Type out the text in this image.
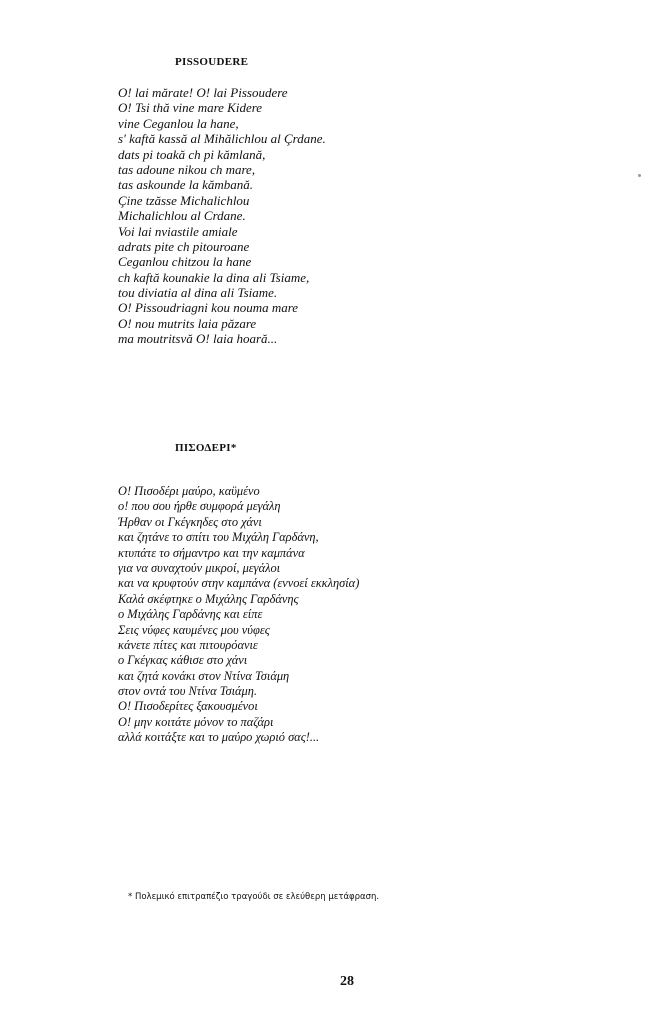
PISSOUDERE
O! lai mărate! O! lai Pissoudere
O! Tsi thă vine mare Kidere
vine Ceganlou la hane,
s' kaftă kassă al Mihălichlou al Çrdane.
dats pi toakă ch pi kămlană,
tas adoune nikou ch mare,
tas askounde la kămbană.
Çine tzăsse Michalichlou
Michalichlou al Crdane.
Voi lai nviastile amiale
adrats pite ch pitouroane
Ceganlou chitzou la hane
ch kaftă kounakie la dina ali Tsiame,
tou diviatia al dina ali Tsiame.
O! Pissoudriagni kou nouma mare
O! nou mutrits laia păzare
ma moutritsvă O! laia hoară...
ΠΙΣΟΔΕΡΙ*
Ο! Πισοδέρι μαύρο, καϋμένο
ο! που σου ήρθε συμφορά μεγάλη
Ήρθαν οι Γκέγκηδες στο χάνι
και ζητάνε το σπίτι του Μιχάλη Γαρδάνη,
κτυπάτε το σήμαντρο και την καμπάνα
για να συναχτούν μικροί, μεγάλοι
και να κρυφτούν στην καμπάνα (εννοεί εκκλησία)
Καλά σκέφτηκε ο Μιχάλης Γαρδάνης
ο Μιχάλης Γαρδάνης και είπε
Σεις νύφες καυμένες μου νύφες
κάνετε πίτες και πιτουρόανιε
ο Γκέγκας κάθισε στο χάνι
και ζητά κονάκι στον Ντίνα Τσιάμη
στον οντά του Ντίνα Τσιάμη.
Ο! Πισοδερίτες ξακουσμένοι
Ο! μην κοιτάτε μόνον το παζάρι
αλλά κοιτάξτε και το μαύρο χωριό σας!...
* Πολεμικό επιτραπέζιο τραγούδι σε ελεύθερη μετάφραση.
28
